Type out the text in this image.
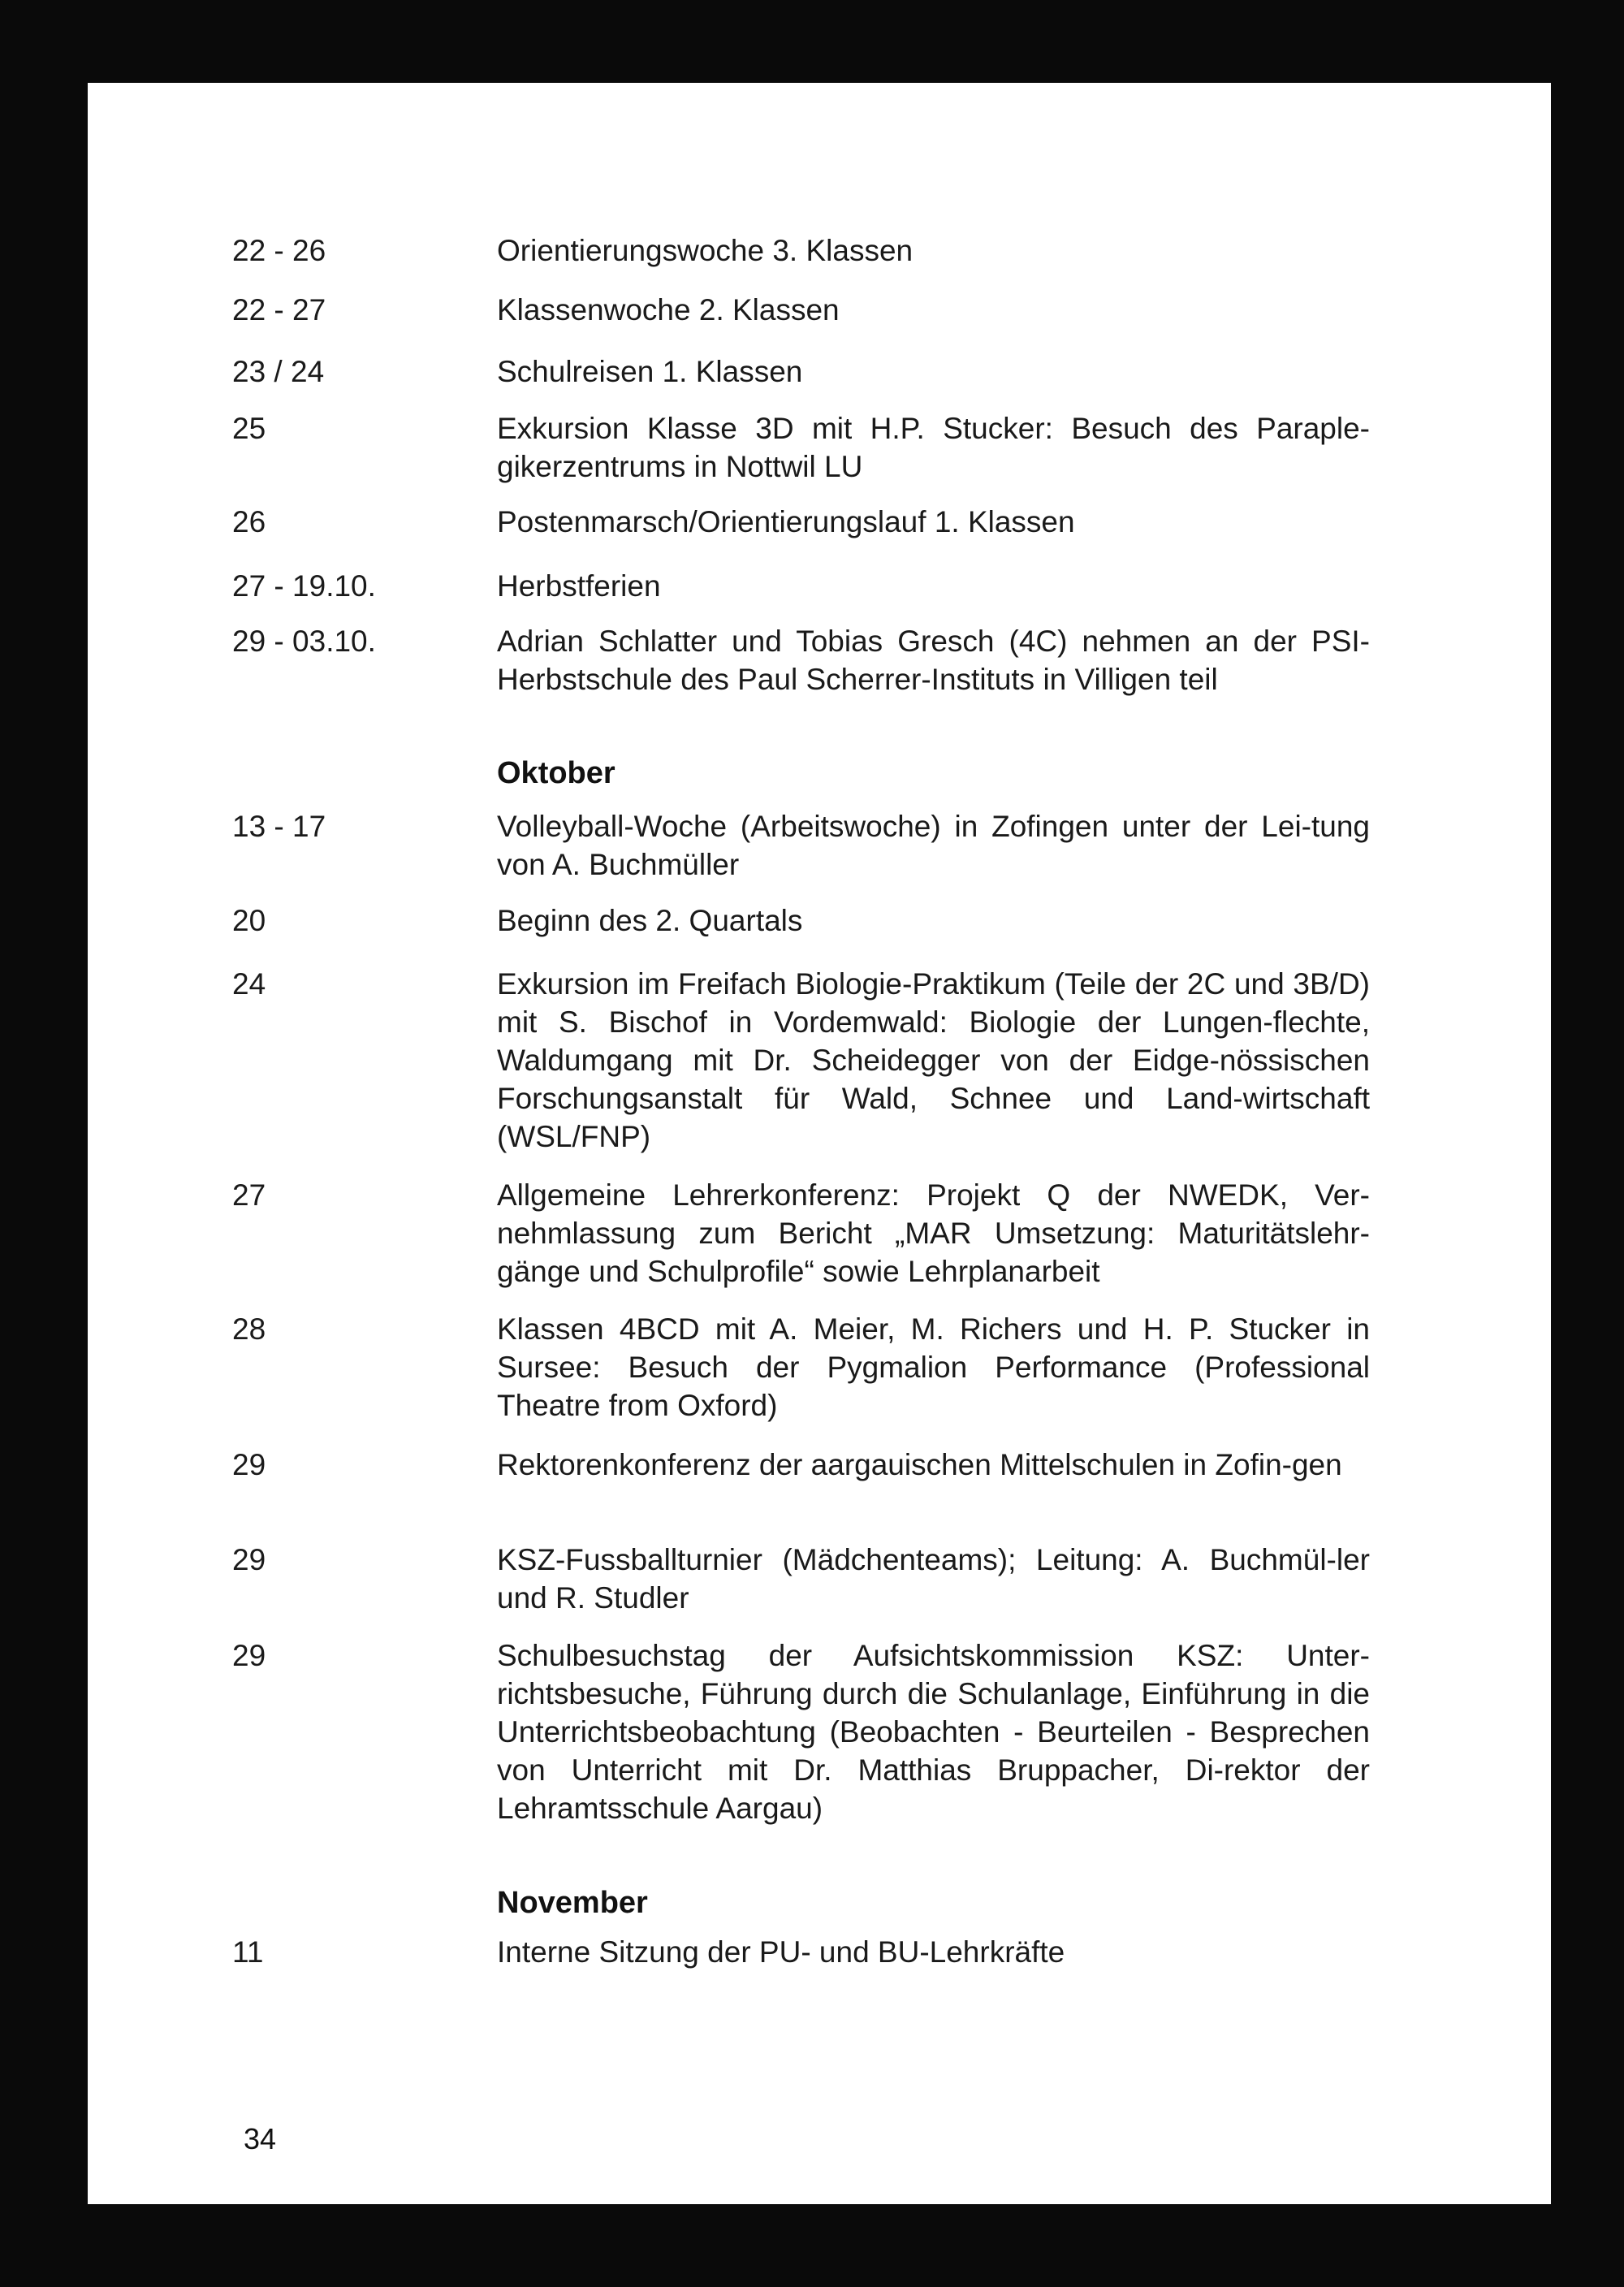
34
22 - 26	Orientierungswoche 3. Klassen
22 - 27	Klassenwoche 2. Klassen
23 / 24	Schulreisen 1. Klassen
25	Exkursion Klasse 3D mit H.P. Stucker: Besuch des Paraple-gikerzentrums in Nottwil LU
26	Postenmarsch/Orientierungslauf 1. Klassen
27 - 19.10.	Herbstferien
29 - 03.10.	Adrian Schlatter und Tobias Gresch (4C) nehmen an der PSI-Herbstschule des Paul Scherrer-Instituts in Villigen teil
Oktober
13 - 17	Volleyball-Woche (Arbeitswoche) in Zofingen unter der Lei-tung von A. Buchmüller
20	Beginn des 2. Quartals
24	Exkursion im Freifach Biologie-Praktikum (Teile der 2C und 3B/D) mit S. Bischof in Vordemwald: Biologie der Lungen-flechte, Waldumgang mit Dr. Scheidegger von der Eidge-nössischen Forschungsanstalt für Wald, Schnee und Land-wirtschaft (WSL/FNP)
27	Allgemeine Lehrerkonferenz: Projekt Q der NWEDK, Ver-nehmlassung zum Bericht „MAR Umsetzung: Maturitätslehr-gänge und Schulprofile“ sowie Lehrplanarbeit
28	Klassen 4BCD mit A. Meier, M. Richers und H. P. Stucker in Sursee: Besuch der Pygmalion Performance (Professional Theatre from Oxford)
29	Rektorenkonferenz der aargauischen Mittelschulen in Zofin-gen
29	KSZ-Fussballturnier (Mädchenteams); Leitung: A. Buchmül-ler und R. Studler
29	Schulbesuchstag der Aufsichtskommission KSZ: Unter-richtsbesuche, Führung durch die Schulanlage, Einführung in die Unterrichtsbeobachtung (Beobachten - Beurteilen - Besprechen von Unterricht mit Dr. Matthias Bruppacher, Di-rektor der Lehramtsschule Aargau)
November
11	Interne Sitzung der PU- und BU-Lehrkräfte
